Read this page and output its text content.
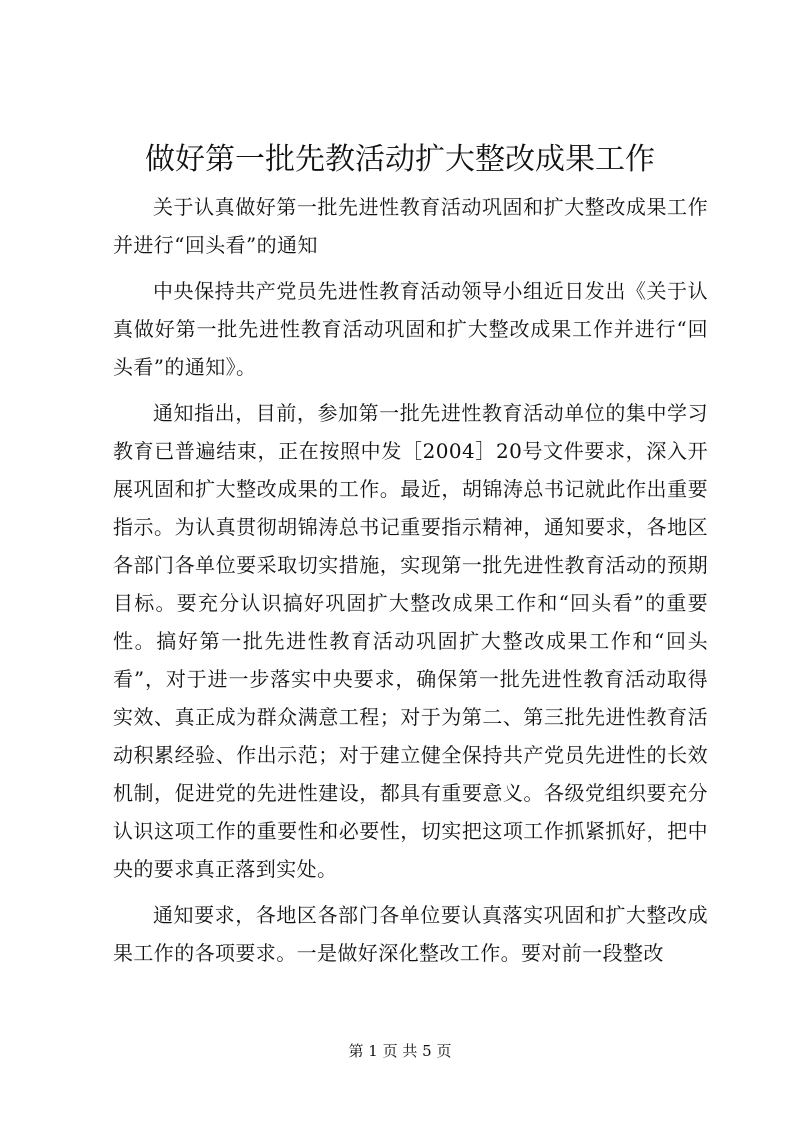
做好第一批先教活动扩大整改成果工作

关于认真做好第一批先进性教育活动巩固和扩大整改成果工作并进行“回头看”的通知

中央保持共产党员先进性教育活动领导小组近日发出《关于认真做好第一批先进性教育活动巩固和扩大整改成果工作并进行“回头看”的通知》。

通知指出，目前，参加第一批先进性教育活动单位的集中学习教育已普遍结束，正在按照中发［2004］20号文件要求，深入开展巩固和扩大整改成果的工作。最近，胡锦涛总书记就此作出重要指示。为认真贯彻胡锦涛总书记重要指示精神，通知要求，各地区各部门各单位要采取切实措施，实现第一批先进性教育活动的预期目标。要充分认识搞好巩固扩大整改成果工作和“回头看”的重要性。搞好第一批先进性教育活动巩固扩大整改成果工作和“回头看”，对于进一步落实中央要求，确保第一批先进性教育活动取得实效、真正成为群众满意工程；对于为第二、第三批先进性教育活动积累经验、作出示范；对于建立健全保持共产党员先进性的长效机制，促进党的先进性建设，都具有重要意义。各级党组织要充分认识这项工作的重要性和必要性，切实把这项工作抓紧抓好，把中央的要求真正落到实处。

通知要求，各地区各部门各单位要认真落实巩固和扩大整改成果工作的各项要求。一是做好深化整改工作。要对前一段整改

第 1 页 共 5 页
